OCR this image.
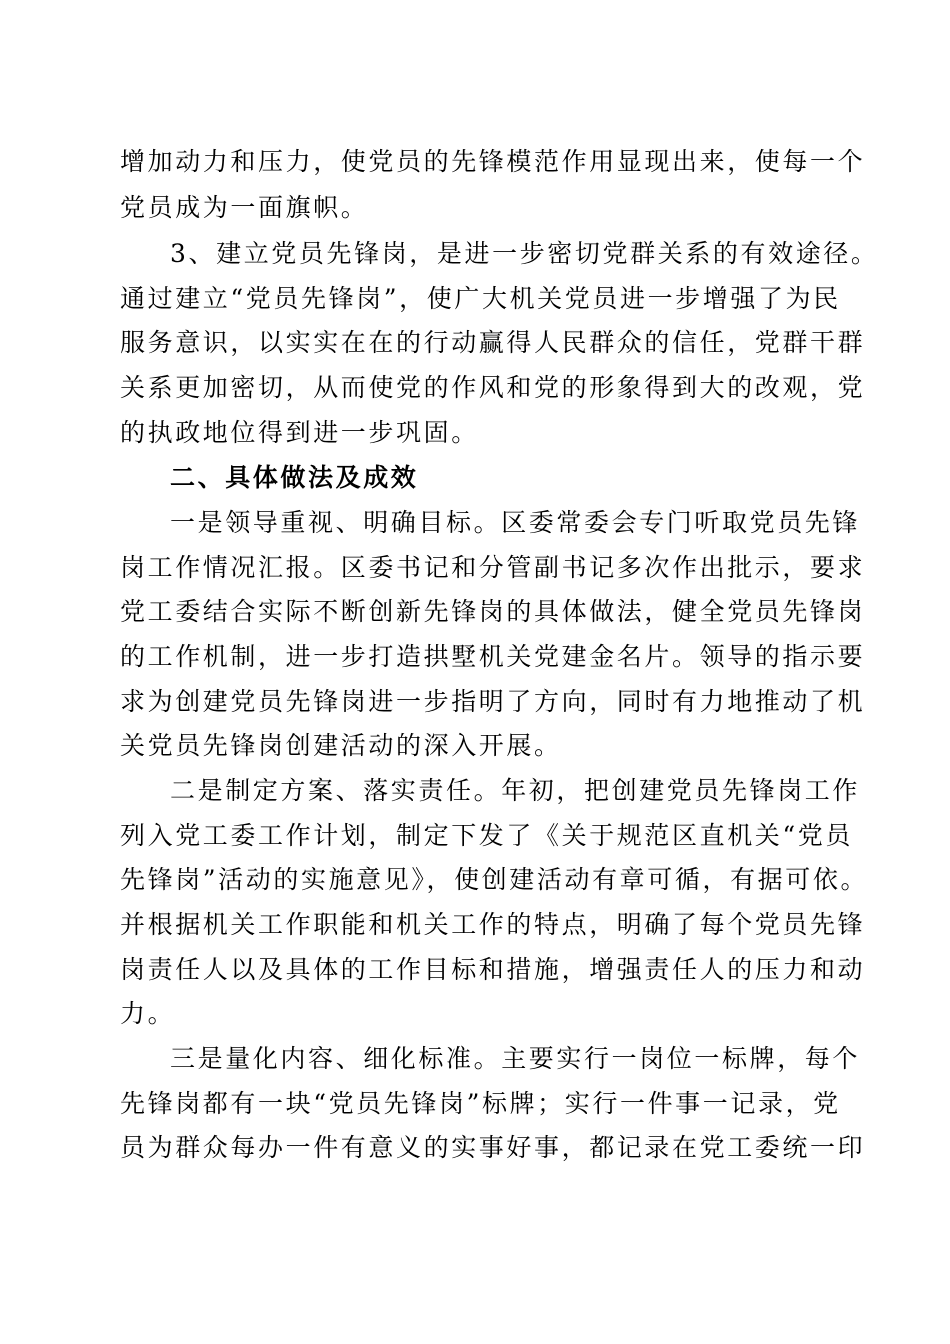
增加动力和压力，使党员的先锋模范作用显现出来，使每一个
党员成为一面旗帜。
3、建立党员先锋岗，是进一步密切党群关系的有效途径。
通过建立“党员先锋岗”，使广大机关党员进一步增强了为民
服务意识，以实实在在的行动赢得人民群众的信任，党群干群
关系更加密切，从而使党的作风和党的形象得到大的改观，党
的执政地位得到进一步巩固。
二、具体做法及成效
一是领导重视、明确目标。区委常委会专门听取党员先锋
岗工作情况汇报。区委书记和分管副书记多次作出批示，要求
党工委结合实际不断创新先锋岗的具体做法，健全党员先锋岗
的工作机制，进一步打造拱墅机关党建金名片。领导的指示要
求为创建党员先锋岗进一步指明了方向，同时有力地推动了机
关党员先锋岗创建活动的深入开展。
二是制定方案、落实责任。年初，把创建党员先锋岗工作
列入党工委工作计划，制定下发了《关于规范区直机关“党员
先锋岗”活动的实施意见》，使创建活动有章可循，有据可依。
并根据机关工作职能和机关工作的特点，明确了每个党员先锋
岗责任人以及具体的工作目标和措施，增强责任人的压力和动
力。
三是量化内容、细化标准。主要实行一岗位一标牌，每个
先锋岗都有一块“党员先锋岗”标牌；实行一件事一记录，党
员为群众每办一件有意义的实事好事，都记录在党工委统一印
